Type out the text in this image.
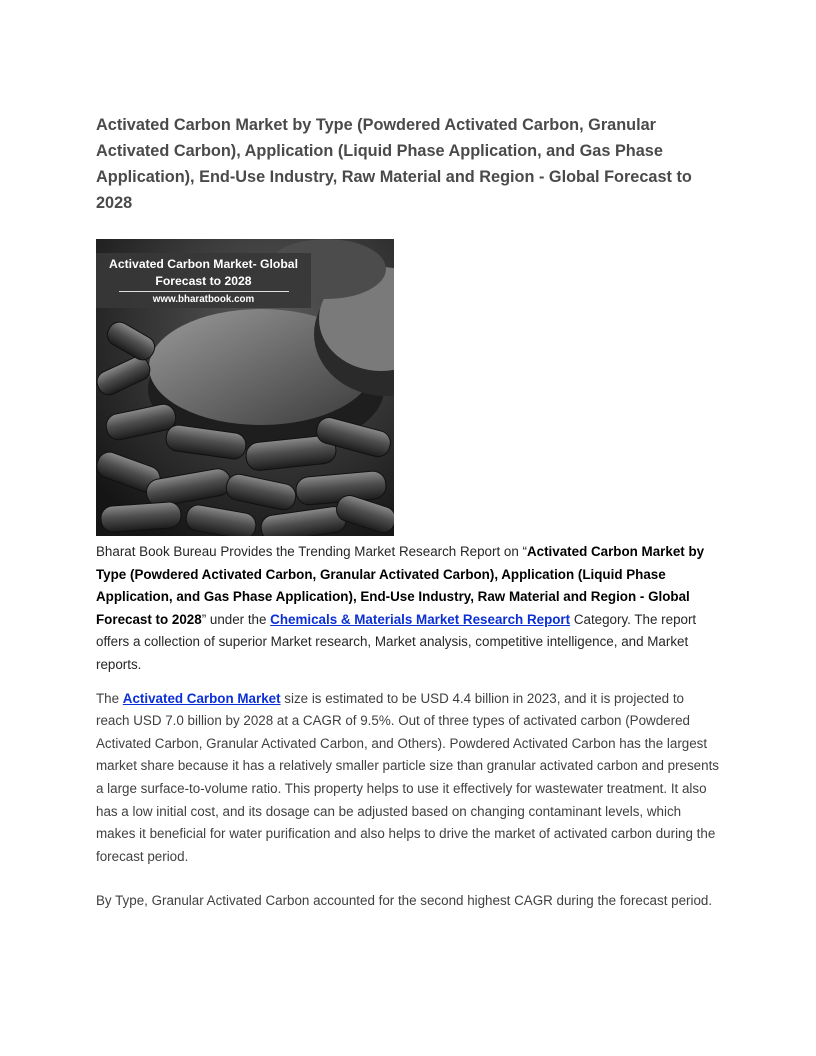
Activated Carbon Market by Type (Powdered Activated Carbon, Granular Activated Carbon), Application (Liquid Phase Application, and Gas Phase Application), End-Use Industry, Raw Material and Region - Global Forecast to 2028
Activated Carbon Market- Global Forecast to 2028
www.bharatbook.com

Bharat Book Bureau Provides the Trending Market Research Report on “Activated Carbon Market by Type (Powdered Activated Carbon, Granular Activated Carbon), Application (Liquid Phase Application, and Gas Phase Application), End-Use Industry, Raw Material and Region - Global Forecast to 2028” under the Chemicals & Materials Market Research Report Category. The report offers a collection of superior Market research, Market analysis, competitive intelligence, and Market reports.

The Activated Carbon Market size is estimated to be USD 4.4 billion in 2023, and it is projected to reach USD 7.0 billion by 2028 at a CAGR of 9.5%. Out of three types of activated carbon (Powdered Activated Carbon, Granular Activated Carbon, and Others). Powdered Activated Carbon has the largest market share because it has a relatively smaller particle size than granular activated carbon and presents a large surface-to-volume ratio. This property helps to use it effectively for wastewater treatment. It also has a low initial cost, and its dosage can be adjusted based on changing contaminant levels, which makes it beneficial for water purification and also helps to drive the market of activated carbon during the forecast period.

By Type, Granular Activated Carbon accounted for the second highest CAGR during the forecast period.
